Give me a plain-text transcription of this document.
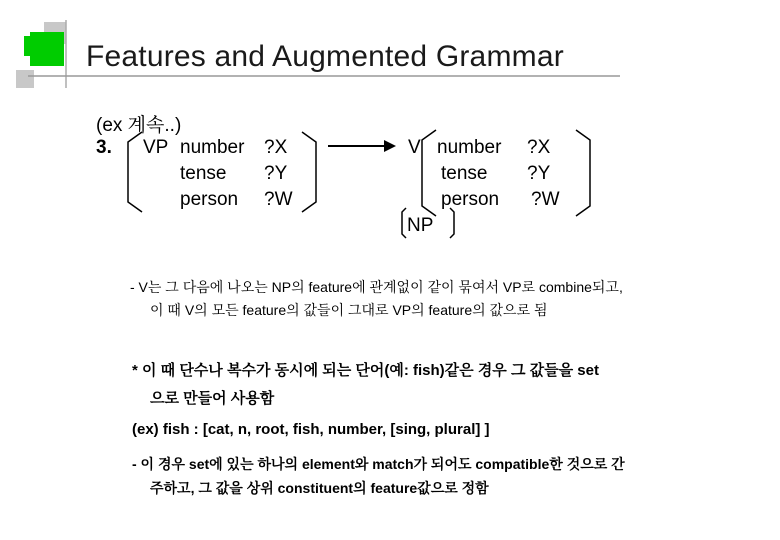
Features and Augmented Grammar
(ex 계속..)
3. VP number ?X
tense ?Y
person ?W
V number ?X
tense ?Y
person ?W
NP
- V는 그 다음에 나오는 NP의 feature에 관계없이 같이 묶여서 VP로 combine되고,
이 때 V의 모든 feature의 값들이 그대로 VP의 feature의 값으로 됨
* 이 때 단수나 복수가 동시에 되는 단어(예: fish)같은 경우 그 값들을 set
으로 만들어 사용함
(ex) fish : [cat, n, root, fish, number, [sing, plural] ]
- 이 경우 set에 있는 하나의 element와 match가 되어도 compatible한 것으로 간
주하고, 그 값을 상위 constituent의 feature값으로 정함
